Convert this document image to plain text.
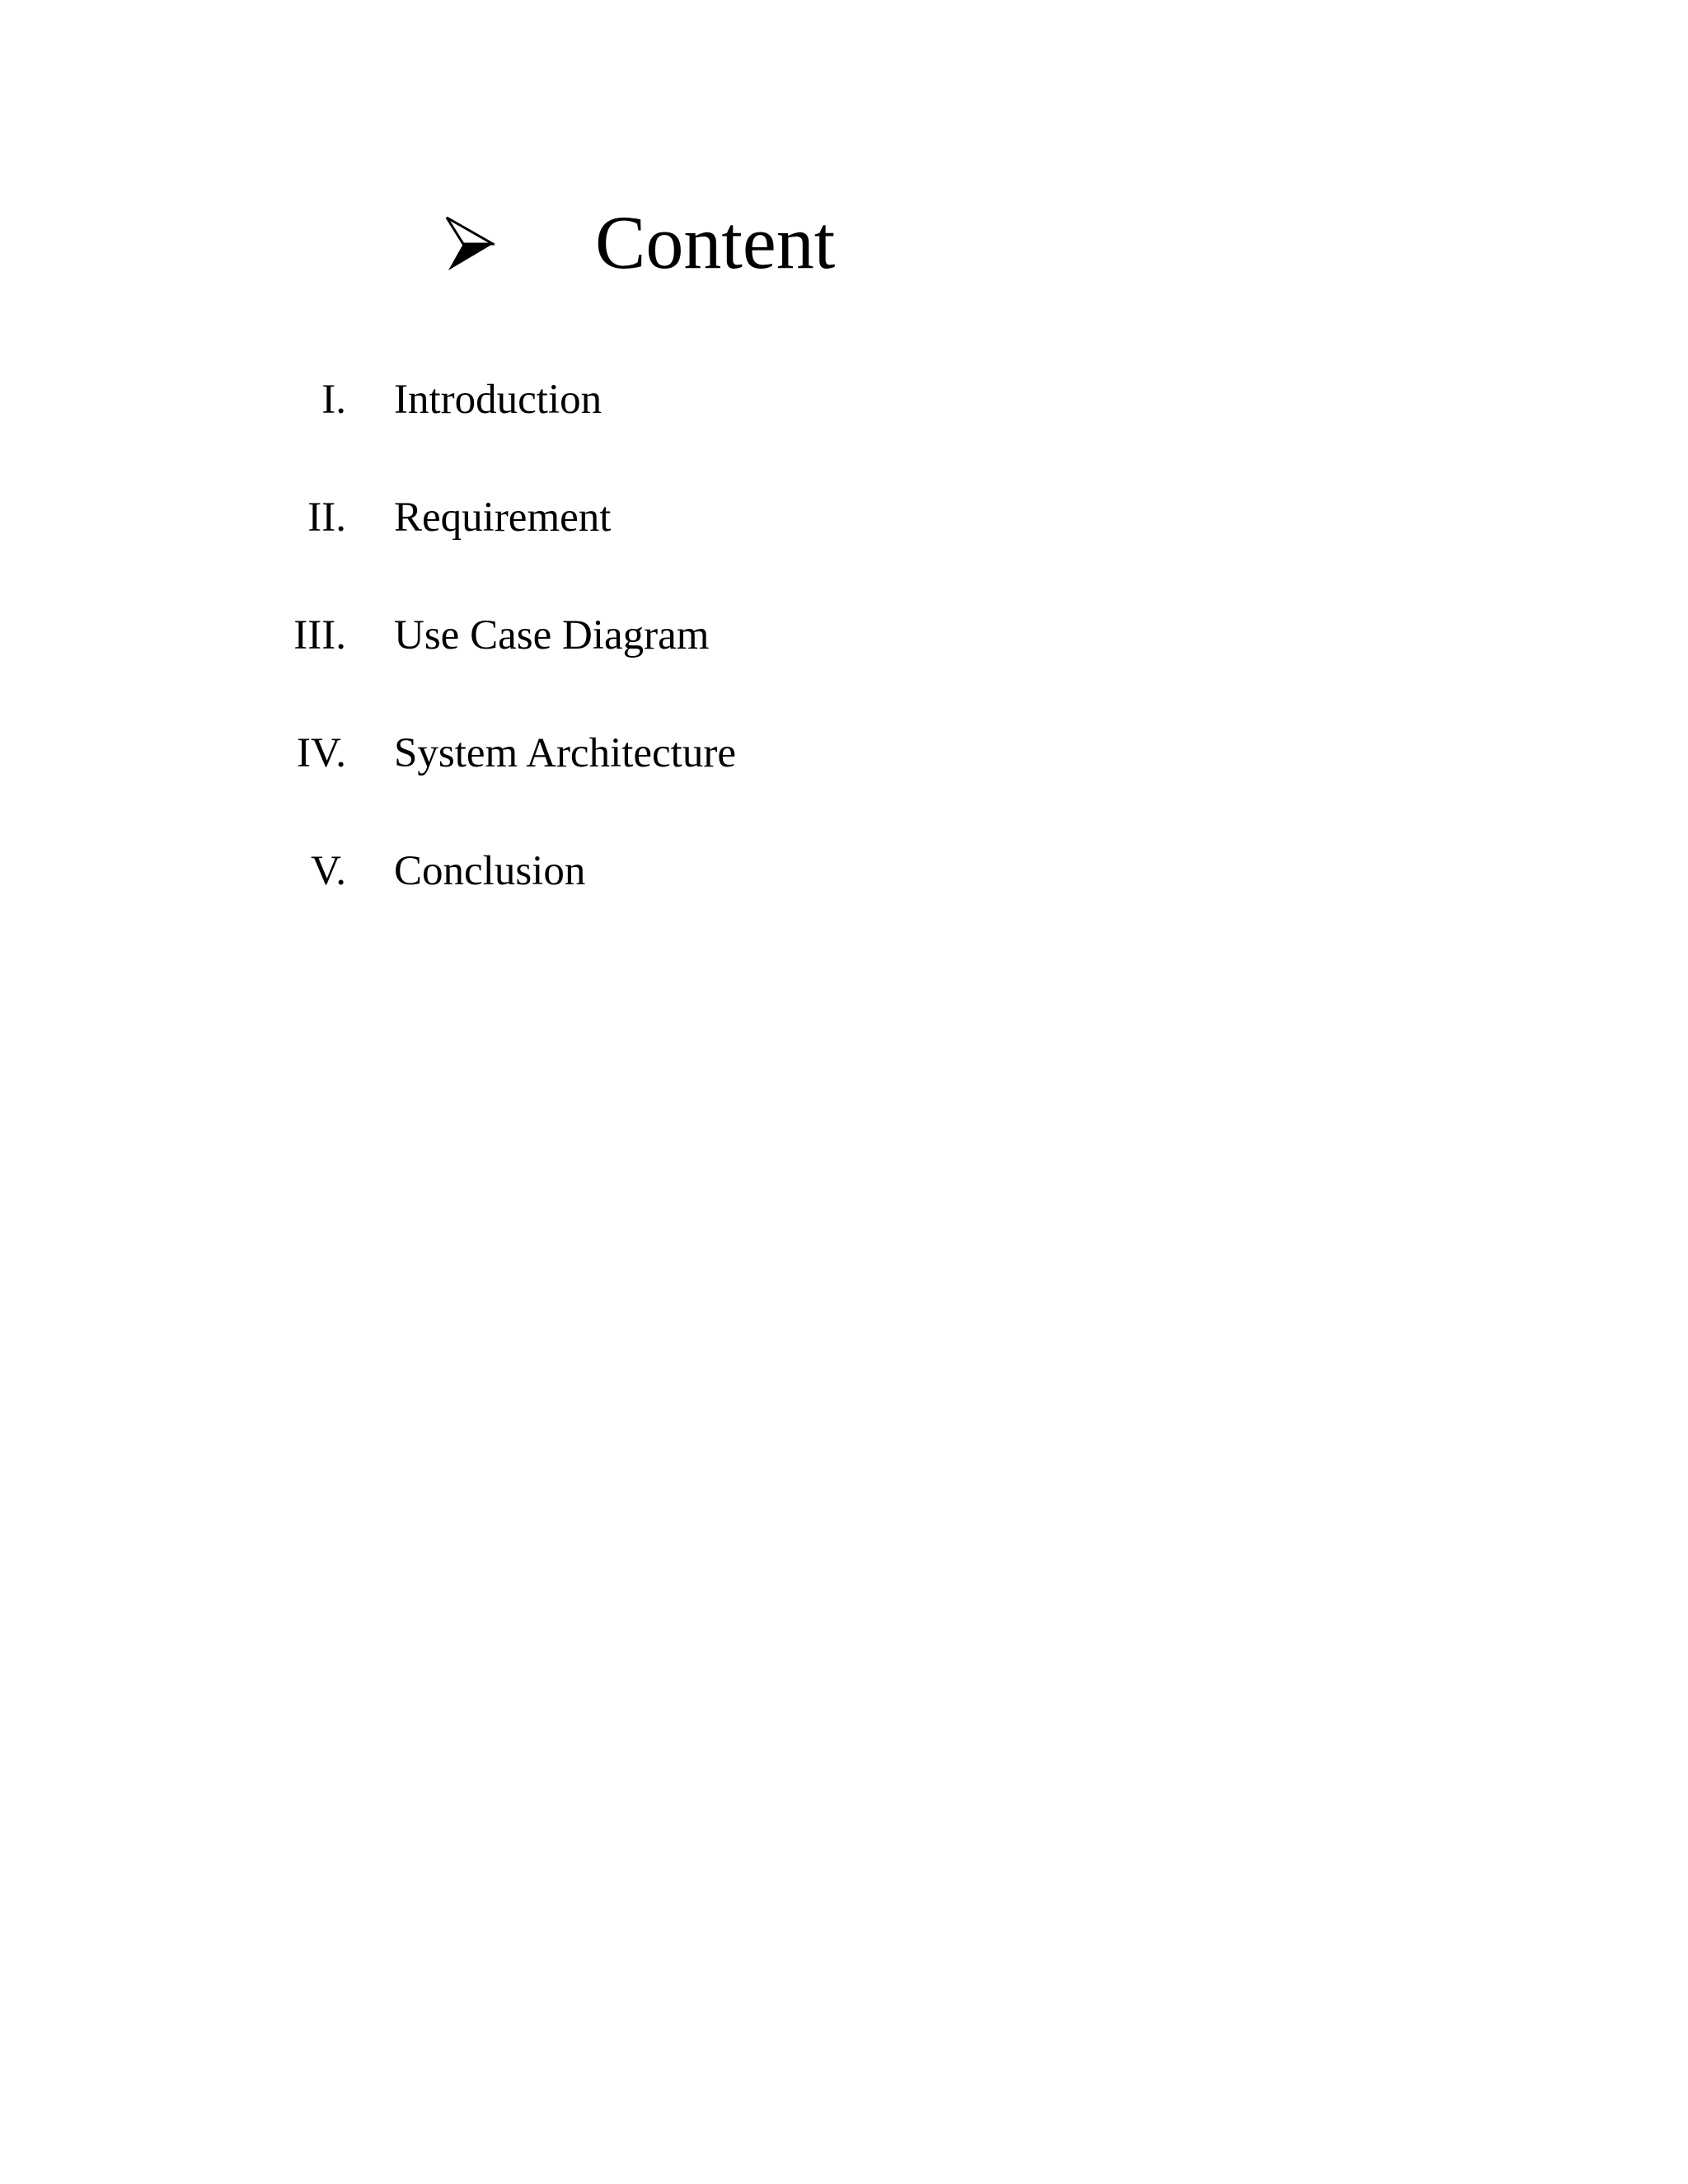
Content
I. Introduction
II. Requirement
III. Use Case Diagram
IV. System Architecture
V. Conclusion
